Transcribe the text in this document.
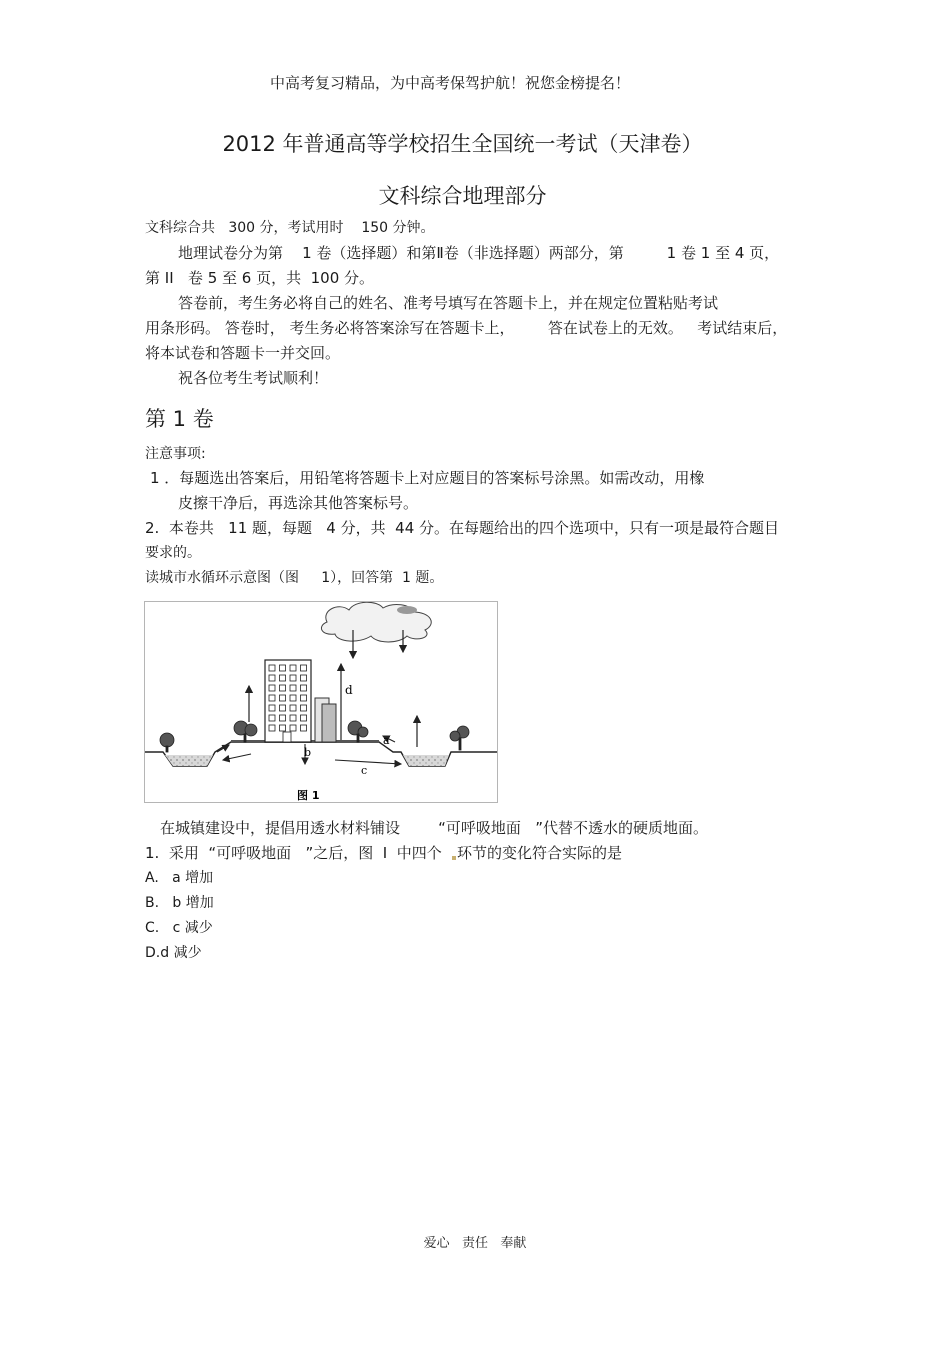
中高考复习精品，为中高考保驾护航！祝您金榜提名！
2012 年普通高等学校招生全国统一考试（天津卷）
文科综合地理部分
文科综合共   300 分，考试用时    150 分钟。
地理试卷分为第    1 卷（选择题）和第Ⅱ卷（非选择题）两部分，第         1 卷 1 至 4 页，
第 II   卷 5 至 6 页，共  100 分。
答卷前，考生务必将自己的姓名、准考号填写在答题卡上，并在规定位置粘贴考试
用条形码。 答卷时， 考生务必将答案涂写在答题卡上，       答在试卷上的无效。   考试结束后，
将本试卷和答题卡一并交回。
祝各位考生考试顺利！
第 1 卷
注意事项:
1 ．每题选出答案后，用铅笔将答题卡上对应题目的答案标号涂黑。如需改动，用橡
皮擦干净后，再选涂其他答案标号。
2.  本卷共   11 题，每题   4 分，共  44 分。在每题给出的四个选项中，只有一项是最符合题目
要求的。
读城市水循环示意图（图     1），回答第  1 题。
d
a
b
c
图 1
在城镇建设中，提倡用透水材料铺设        “可呼吸地面   ”代替不透水的硬质地面。
1.  采用  “可呼吸地面   ”之后，图  I  中四个 环节的变化符合实际的是
A.   a 增加
B.   b 增加
C.   c 减少
D.d 减少
爱心   责任   奉献
